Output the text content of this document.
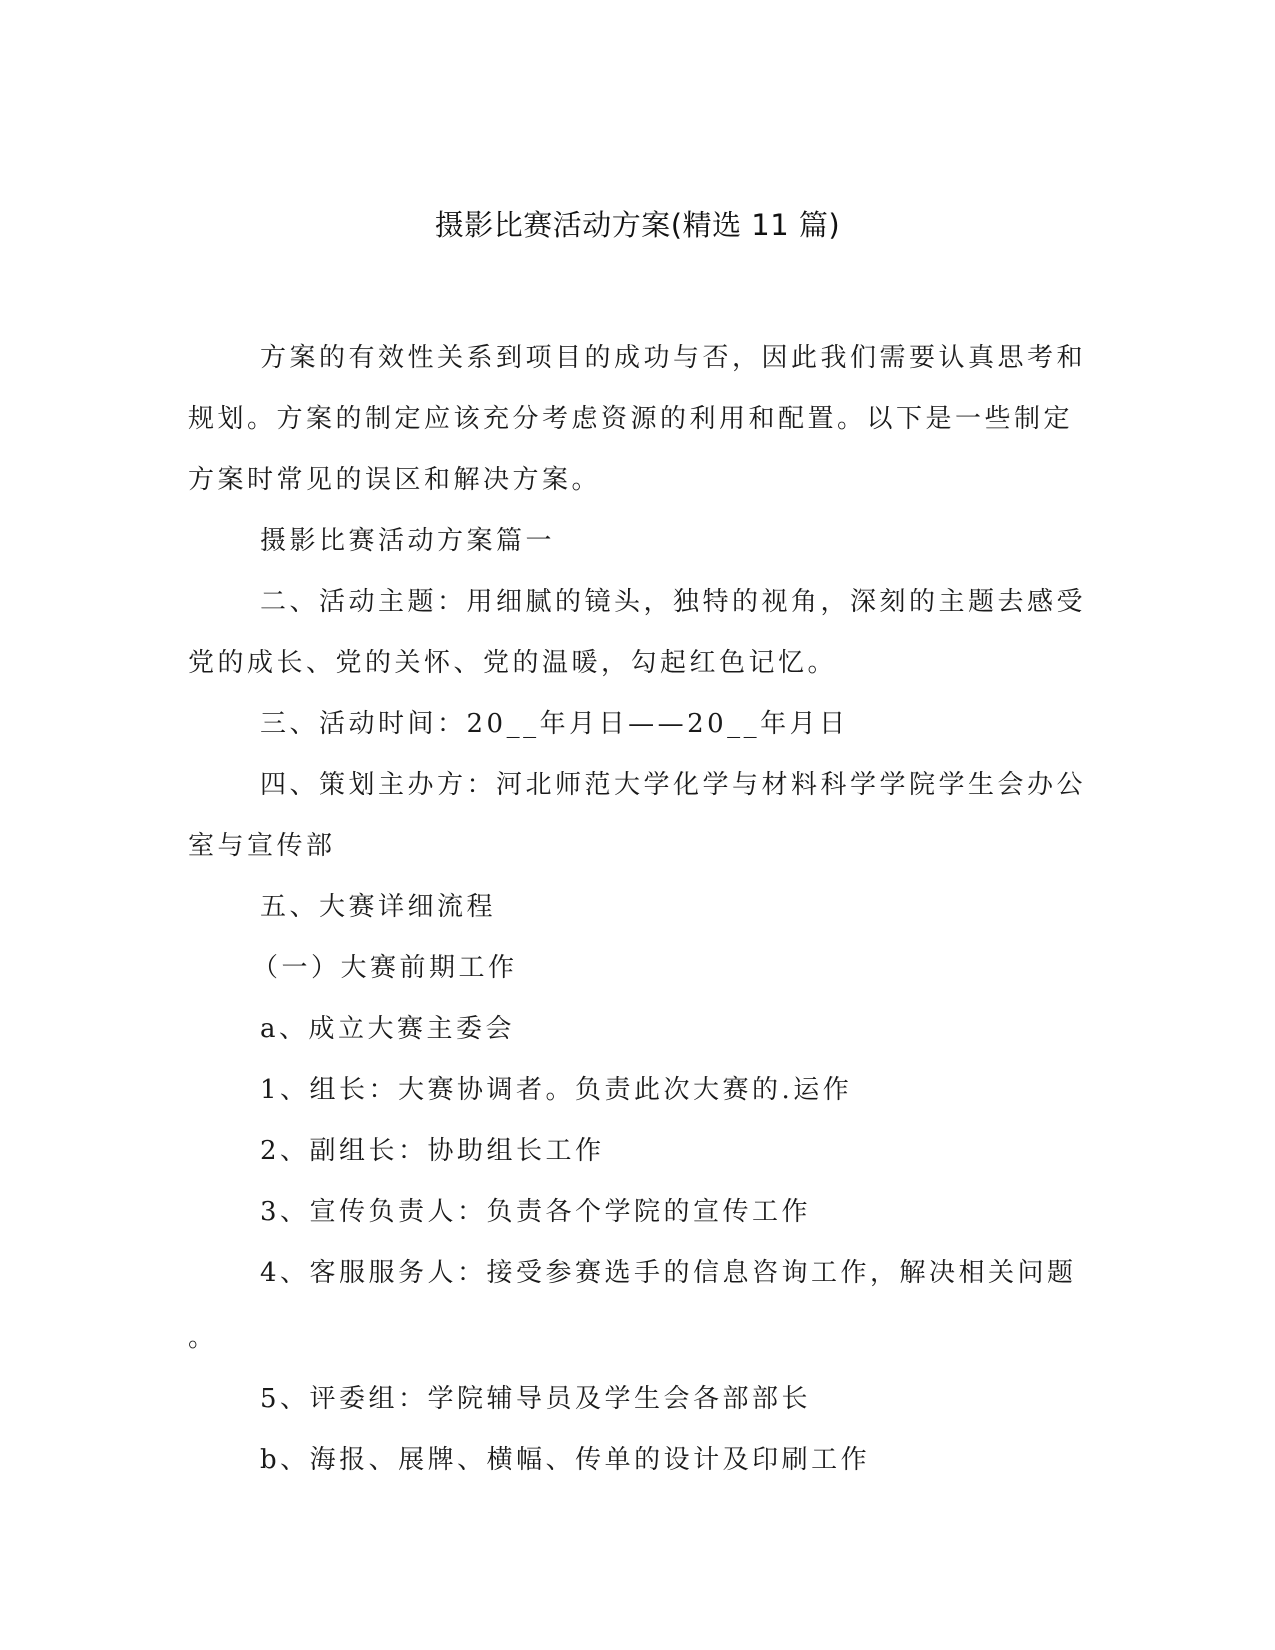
摄影比赛活动方案(精选 11 篇)

方案的有效性关系到项目的成功与否，因此我们需要认真思考和

规划。方案的制定应该充分考虑资源的利用和配置。以下是一些制定

方案时常见的误区和解决方案。

摄影比赛活动方案篇一

二、活动主题：用细腻的镜头，独特的视角，深刻的主题去感受

党的成长、党的关怀、党的温暖，勾起红色记忆。

三、活动时间：20__年月日——20__年月日

四、策划主办方：河北师范大学化学与材料科学学院学生会办公

室与宣传部

五、大赛详细流程

（一）大赛前期工作

a、成立大赛主委会

1、组长：大赛协调者。负责此次大赛的.运作

2、副组长：协助组长工作

3、宣传负责人：负责各个学院的宣传工作

4、客服服务人：接受参赛选手的信息咨询工作，解决相关问题

。

5、评委组：学院辅导员及学生会各部部长

b、海报、展牌、横幅、传单的设计及印刷工作
